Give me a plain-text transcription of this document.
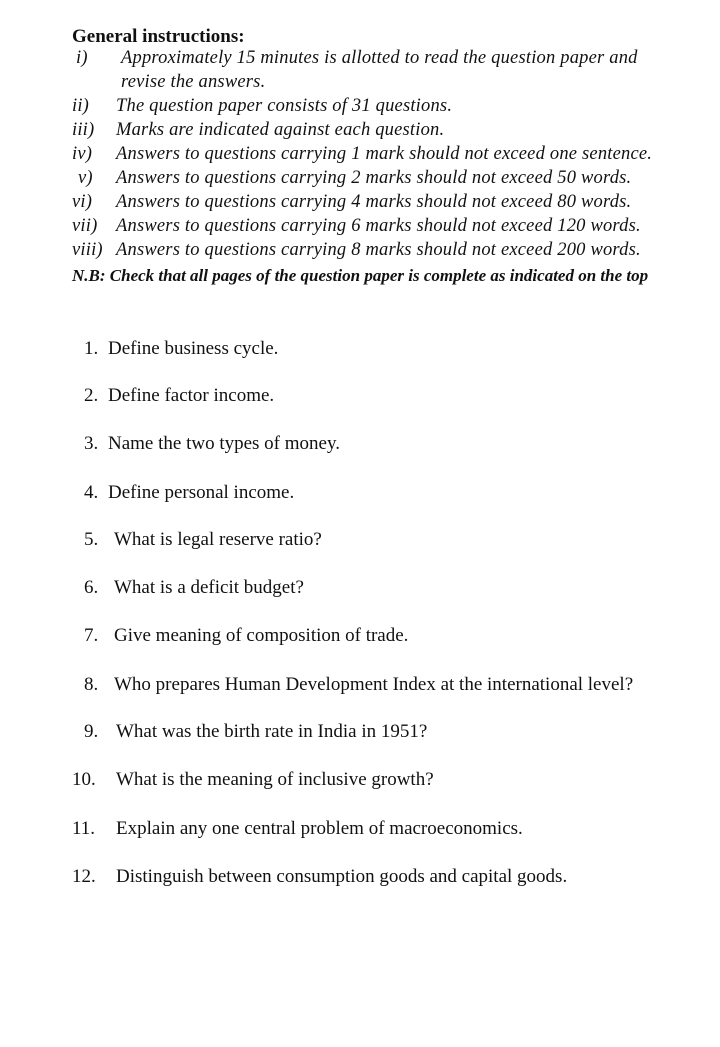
General instructions:
i) Approximately 15 minutes is allotted to read the question paper and
revise the answers.
ii) The question paper consists of 31 questions.
iii) Marks are indicated against each question.
iv) Answers to questions carrying 1 mark should not exceed one sentence.
v) Answers to questions carrying 2 marks should not exceed 50 words.
vi) Answers to questions carrying 4 marks should not exceed 80 words.
vii) Answers to questions carrying 6 marks should not exceed 120 words.
viii) Answers to questions carrying 8 marks should not exceed 200 words.
N.B: Check that all pages of the question paper is complete as indicated on the top
1. Define business cycle.
2. Define factor income.
3. Name the two types of money.
4. Define personal income.
5. What is legal reserve ratio?
6. What is a deficit budget?
7. Give meaning of composition of trade.
8. Who prepares Human Development Index at the international level?
9. What was the birth rate in India in 1951?
10. What is the meaning of inclusive growth?
11. Explain any one central problem of macroeconomics.
12. Distinguish between consumption goods and capital goods.
